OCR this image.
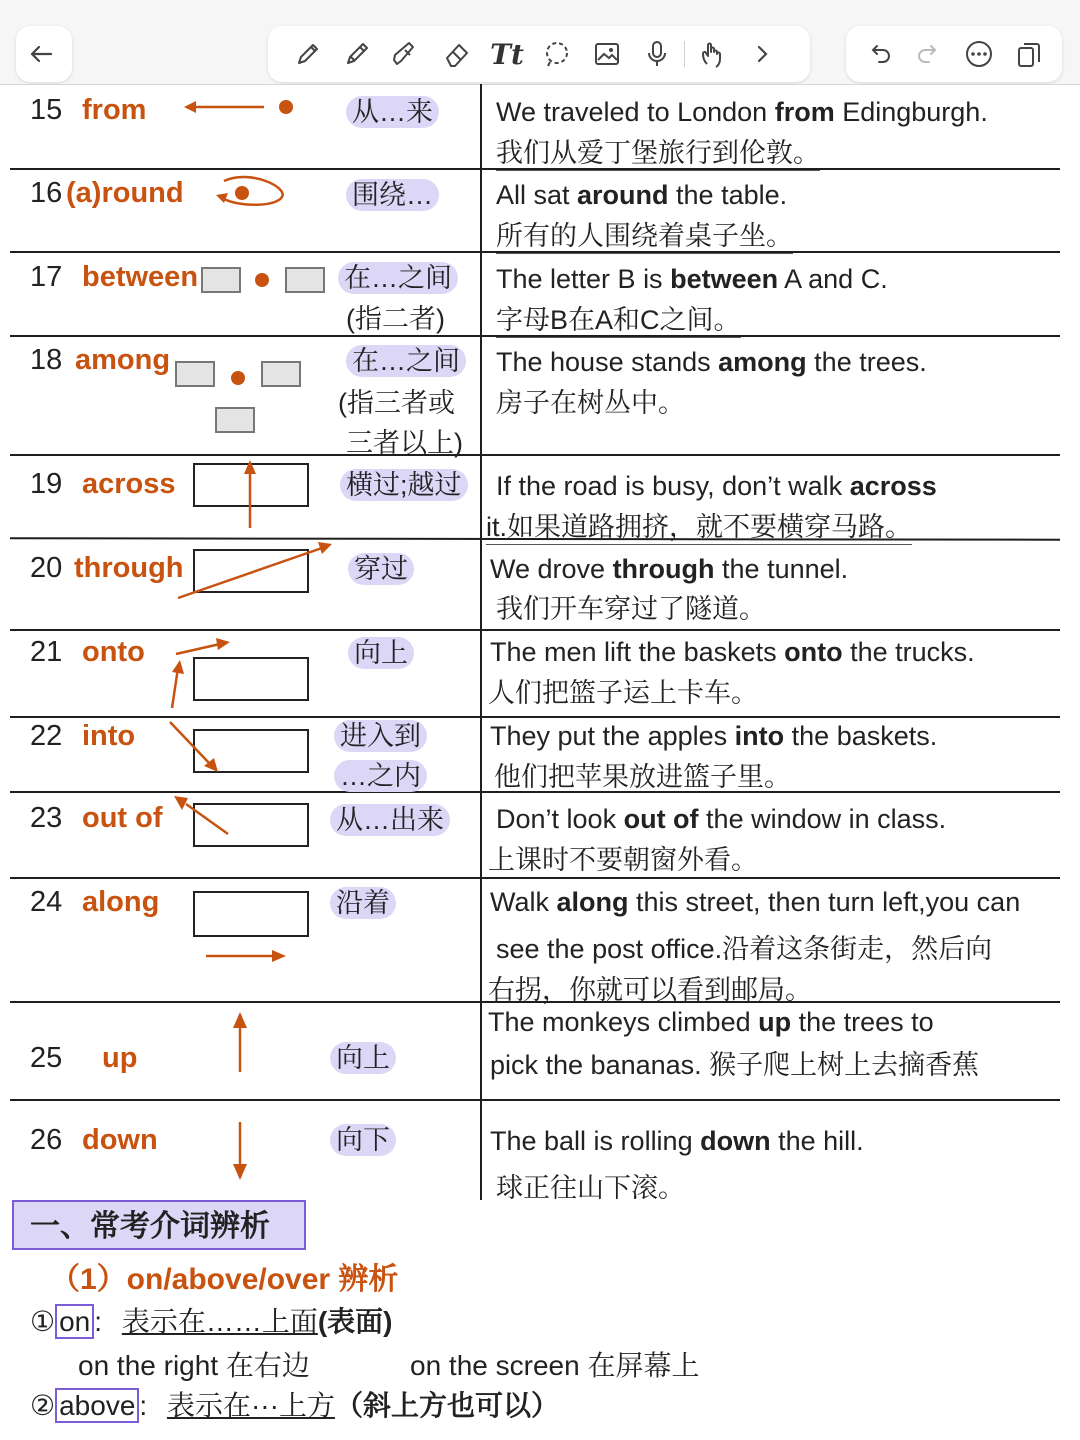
Tt
15 from	从…来 We traveled to London from Edingburgh.
我们从爱丁堡旅行到伦敦。
16 (a)round	围绕… All sat around the table.
所有的人围绕着桌子坐。
17 between	在…之间
(指二者)
The letter B is between A and C.
字母B在A和C之间。
18 among	在…之间
(指三者或
三者以上)
The house stands among the trees.
房子在树丛中。
19 across	横过;越过 If the road is busy, don’t walk across
it.如果道路拥挤，就不要横穿马路。
20 through	穿过	We drove through the tunnel.
我们开车穿过了隧道。
21 onto	向上	The men lift the baskets onto the trucks.
人们把篮子运上卡车。
22 into	进入到
…之内
They put the apples into the baskets.
他们把苹果放进篮子里。
23 out of	从…出来 Don’t look out of the window in class.
上课时不要朝窗外看。
24 along	沿着	Walk along this street, then turn left,you can
see the post office.沿着这条街走，然后向
右拐，你就可以看到邮局。
25 up	向上
The monkeys climbed up the trees to
pick the bananas. 猴子爬上树上去摘香蕉
26 down	向下	The ball is rolling down the hill.
球正往山下滚。
一、常考介词辨析
（1）on/above/over 辨析
① on : 表示在……上面(表面)
on the right 在右边	on the screen 在屏幕上
② above : 表示在···上方（斜上方也可以）
